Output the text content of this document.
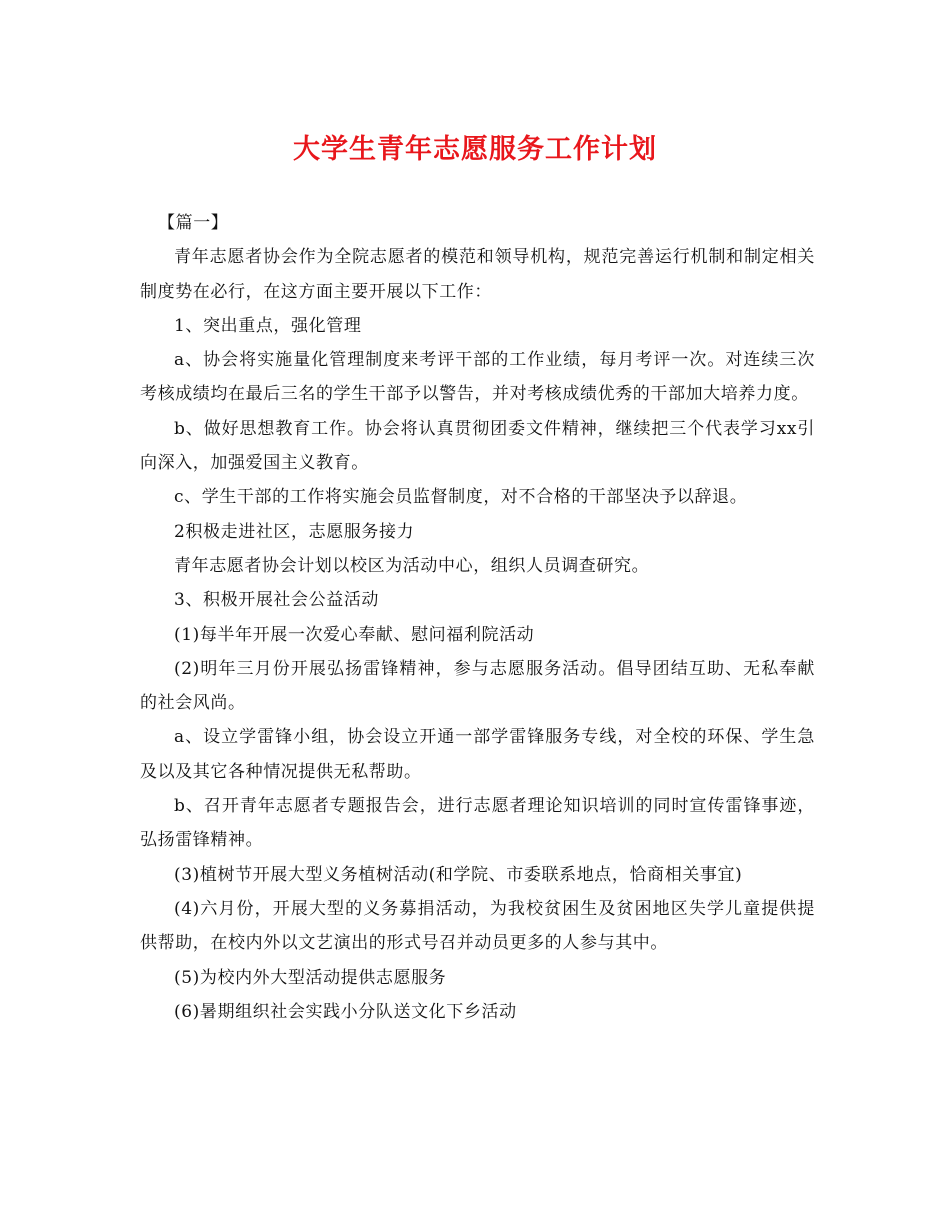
大学生青年志愿服务工作计划

【篇一】

青年志愿者协会作为全院志愿者的模范和领导机构，规范完善运行机制和制定相关制度势在必行，在这方面主要开展以下工作：

1、突出重点，强化管理

a、协会将实施量化管理制度来考评干部的工作业绩，每月考评一次。对连续三次考核成绩均在最后三名的学生干部予以警告，并对考核成绩优秀的干部加大培养力度。

b、做好思想教育工作。协会将认真贯彻团委文件精神，继续把三个代表学习xx引向深入，加强爱国主义教育。

c、学生干部的工作将实施会员监督制度，对不合格的干部坚决予以辞退。

2积极走进社区，志愿服务接力

青年志愿者协会计划以校区为活动中心，组织人员调查研究。

3、积极开展社会公益活动

(1)每半年开展一次爱心奉献、慰问福利院活动

(2)明年三月份开展弘扬雷锋精神，参与志愿服务活动。倡导团结互助、无私奉献的社会风尚。

a、设立学雷锋小组，协会设立开通一部学雷锋服务专线，对全校的环保、学生急及以及其它各种情况提供无私帮助。

b、召开青年志愿者专题报告会，进行志愿者理论知识培训的同时宣传雷锋事迹，弘扬雷锋精神。

(3)植树节开展大型义务植树活动(和学院、市委联系地点，恰商相关事宜)

(4)六月份，开展大型的义务募捐活动，为我校贫困生及贫困地区失学儿童提供提供帮助，在校内外以文艺演出的形式号召并动员更多的人参与其中。

(5)为校内外大型活动提供志愿服务

(6)暑期组织社会实践小分队送文化下乡活动
